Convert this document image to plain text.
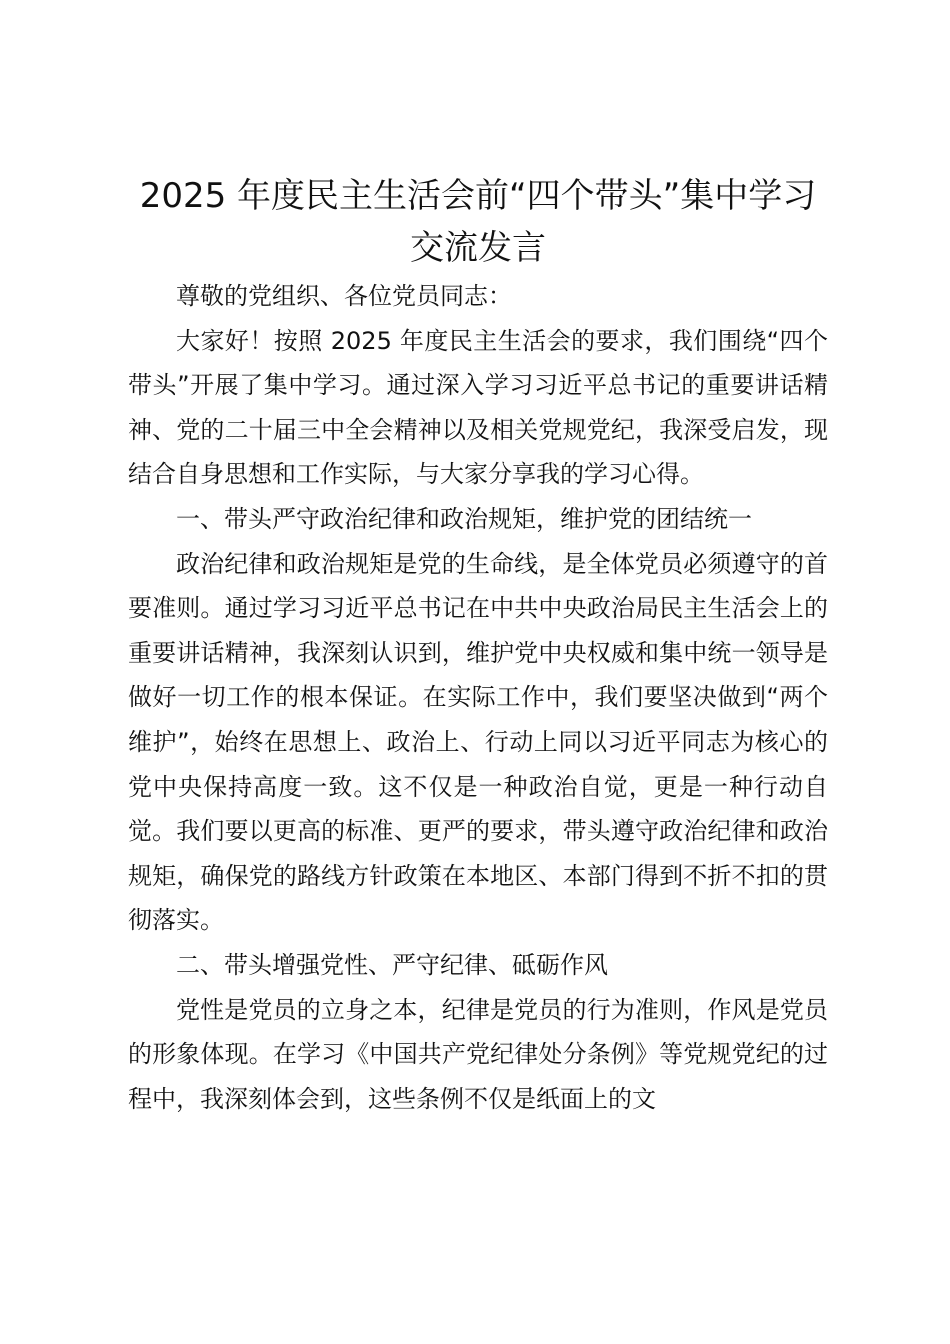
2025 年度民主生活会前“四个带头”集中学习
交流发言

尊敬的党组织、各位党员同志：

大家好！按照 2025 年度民主生活会的要求，我们围绕“四个带头”开展了集中学习。通过深入学习习近平总书记的重要讲话精神、党的二十届三中全会精神以及相关党规党纪，我深受启发，现结合自身思想和工作实际，与大家分享我的学习心得。

一、带头严守政治纪律和政治规矩，维护党的团结统一

政治纪律和政治规矩是党的生命线，是全体党员必须遵守的首要准则。通过学习习近平总书记在中共中央政治局民主生活会上的重要讲话精神，我深刻认识到，维护党中央权威和集中统一领导是做好一切工作的根本保证。在实际工作中，我们要坚决做到“两个维护”，始终在思想上、政治上、行动上同以习近平同志为核心的党中央保持高度一致。这不仅是一种政治自觉，更是一种行动自觉。我们要以更高的标准、更严的要求，带头遵守政治纪律和政治规矩，确保党的路线方针政策在本地区、本部门得到不折不扣的贯彻落实。

二、带头增强党性、严守纪律、砥砺作风

党性是党员的立身之本，纪律是党员的行为准则，作风是党员的形象体现。在学习《中国共产党纪律处分条例》等党规党纪的过程中，我深刻体会到，这些条例不仅是纸面上的文
